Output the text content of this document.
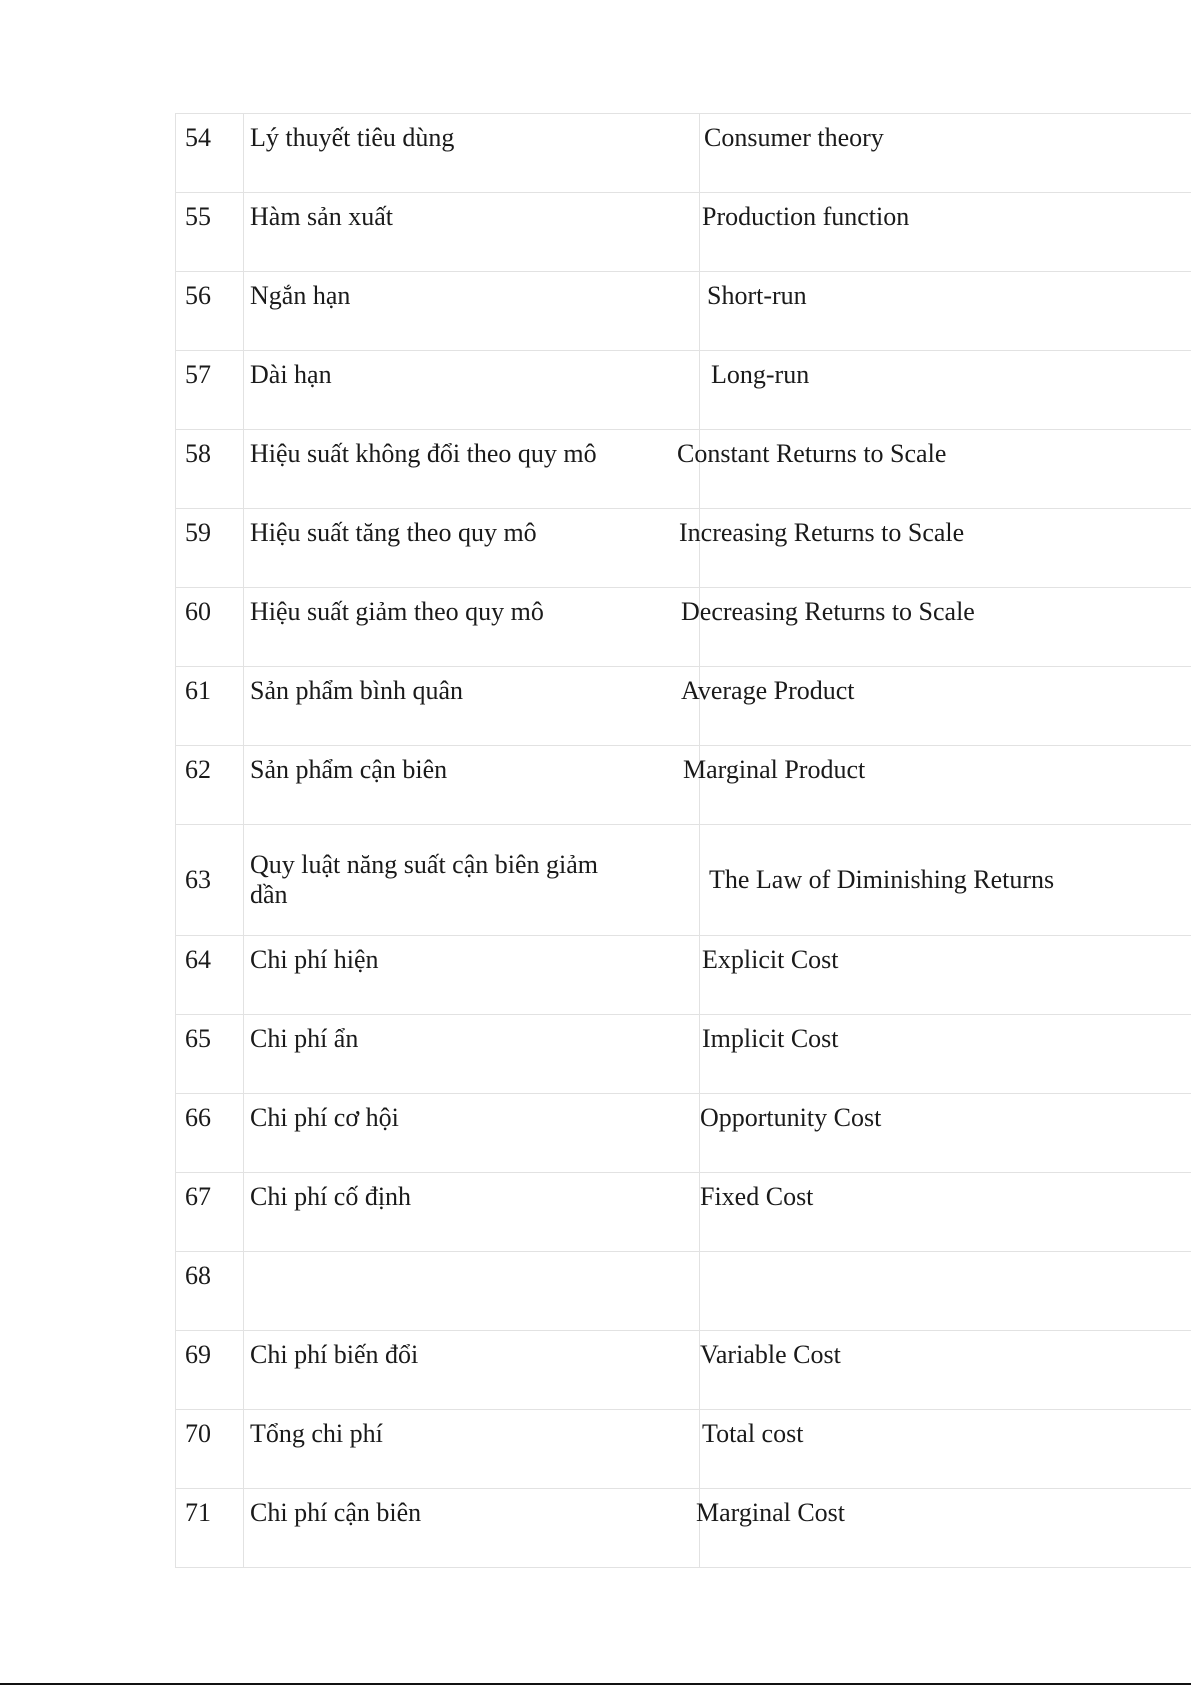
54	Lý thuyết tiêu dùng	Consumer theory

55	Hàm sản xuất	Production function

56	Ngắn hạn	Short-run

57	Dài hạn	Long-run

58	Hiệu suất không đổi theo quy mô	Constant Returns to Scale

59	Hiệu suất tăng theo quy mô	Increasing Returns to Scale

60	Hiệu suất giảm theo quy mô	Decreasing Returns to Scale

61	Sản phẩm bình quân	Average Product

62	Sản phẩm cận biên	Marginal Product

63	Quy luật năng suất cận biên giảm dần	The Law of Diminishing Returns

64	Chi phí hiện	Explicit Cost

65	Chi phí ẩn	Implicit Cost

66	Chi phí cơ hội	Opportunity Cost

67	Chi phí cố định	Fixed Cost

68		

69	Chi phí biến đổi	Variable Cost

70	Tổng chi phí	Total cost

71	Chi phí cận biên	Marginal Cost
